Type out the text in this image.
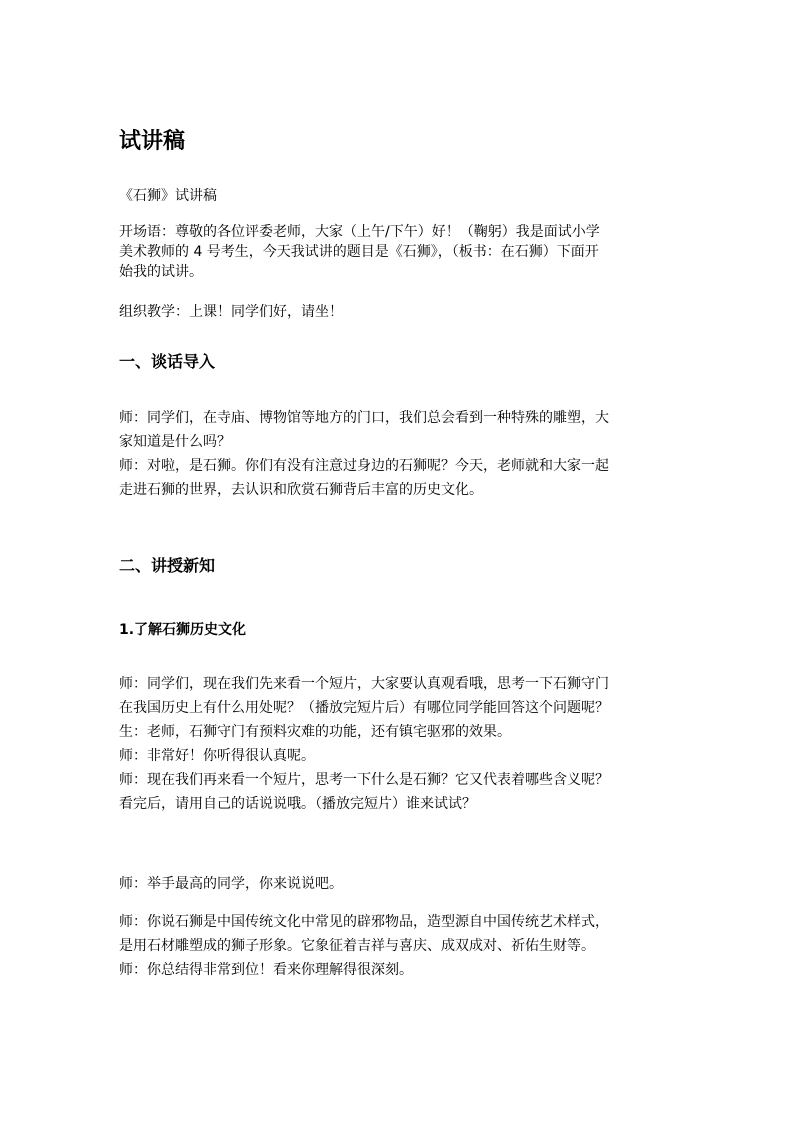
试讲稿

《石狮》试讲稿

开场语：尊敬的各位评委老师，大家（上午/下午）好！（鞠躬）我是面试小学
美术教师的 4 号考生，今天我试讲的题目是《石狮》，（板书：在石狮）下面开
始我的试讲。

组织教学：上课！同学们好，请坐！

一、谈话导入
师：同学们，在寺庙、博物馆等地方的门口，我们总会看到一种特殊的雕塑，大
家知道是什么吗？
师：对啦，是石狮。你们有没有注意过身边的石狮呢？今天，老师就和大家一起
走进石狮的世界，去认识和欣赏石狮背后丰富的历史文化。
二、讲授新知
1.了解石狮历史文化
师：同学们，现在我们先来看一个短片，大家要认真观看哦，思考一下石狮守门
在我国历史上有什么用处呢？（播放完短片后）有哪位同学能回答这个问题呢？
生：老师，石狮守门有预料灾难的功能，还有镇宅驱邪的效果。
师：非常好！你听得很认真呢。
师：现在我们再来看一个短片，思考一下什么是石狮？它又代表着哪些含义呢？
看完后，请用自己的话说说哦。（播放完短片）谁来试试？

师：举手最高的同学，你来说说吧。

师：你说石狮是中国传统文化中常见的辟邪物品，造型源自中国传统艺术样式，
是用石材雕塑成的狮子形象。它象征着吉祥与喜庆、成双成对、祈佑生财等。
师：你总结得非常到位！看来你理解得很深刻。
